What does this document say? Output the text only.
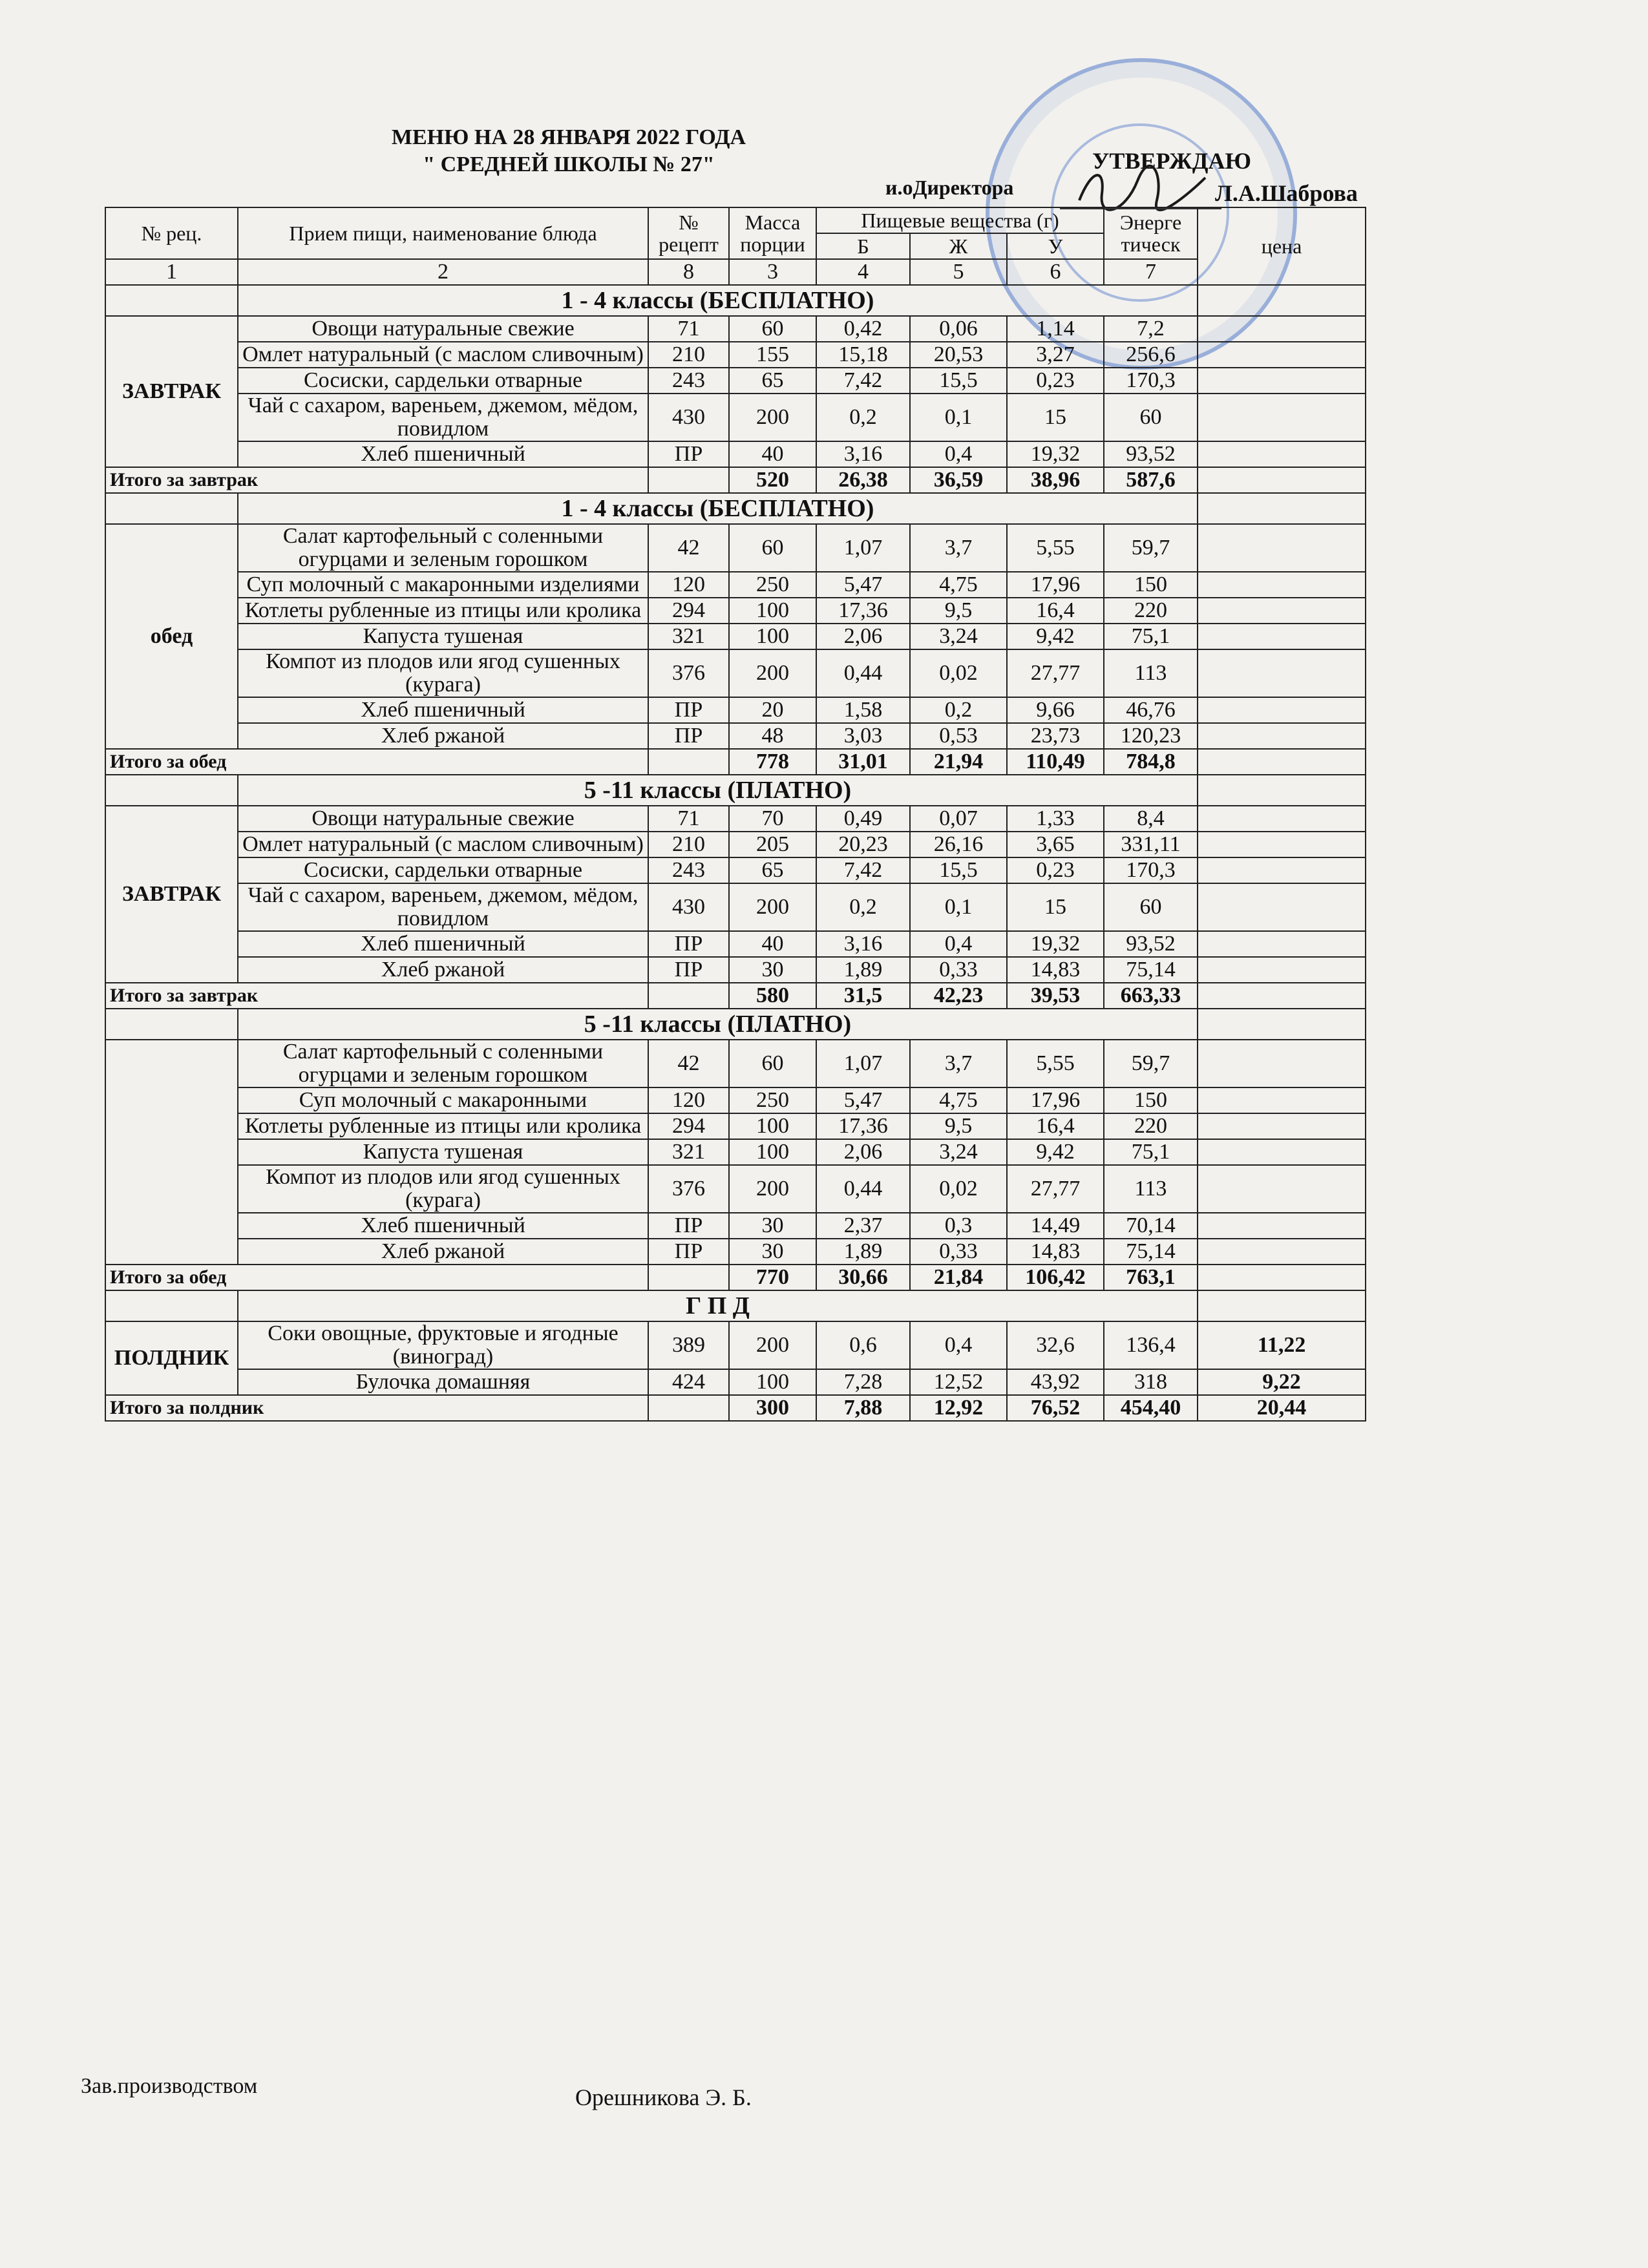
МЕНЮ НА 28 ЯНВАРЯ 2022 ГОДА
" СРЕДНЕЙ ШКОЛЫ № 27"	УТВЕРЖДАЮ
и.оДиректора	Л.А.Шаброва
№ рец.	Прием пищи, наименование блюда	№ рецепт	Масса порции	Пищевые вещества (г)			Энерге тическ	цена
				Б	Ж	У		
1	2	8	3	4	5	6	7	
	1 - 4 классы (БЕСПЛАТНО)							
ЗАВТРАК	Овощи натуральные свежие	71	60	0,42	0,06	1,14	7,2	
	Омлет натуральный (с маслом сливочным)	210	155	15,18	20,53	3,27	256,6	
	Сосиски, сардельки отварные	243	65	7,42	15,5	0,23	170,3	
	Чай с сахаром, вареньем, джемом, мёдом, повидлом	430	200	0,2	0,1	15	60	
	Хлеб пшеничный	ПР	40	3,16	0,4	19,32	93,52	
Итого за завтрак			520	26,38	36,59	38,96	587,6	
	1 - 4 классы (БЕСПЛАТНО)							
обед	Салат картофельный с соленными огурцами и зеленым горошком	42	60	1,07	3,7	5,55	59,7	
	Суп молочный с макаронными изделиями	120	250	5,47	4,75	17,96	150	
	Котлеты рубленные из птицы или кролика	294	100	17,36	9,5	16,4	220	
	Капуста тушеная	321	100	2,06	3,24	9,42	75,1	
	Компот из плодов или ягод сушенных (курага)	376	200	0,44	0,02	27,77	113	
	Хлеб пшеничный	ПР	20	1,58	0,2	9,66	46,76	
	Хлеб ржаной	ПР	48	3,03	0,53	23,73	120,23	
Итого за обед			778	31,01	21,94	110,49	784,8	
	5 -11 классы (ПЛАТНО)							
ЗАВТРАК	Овощи натуральные свежие	71	70	0,49	0,07	1,33	8,4	
	Омлет натуральный (с маслом сливочным)	210	205	20,23	26,16	3,65	331,11	
	Сосиски, сардельки отварные	243	65	7,42	15,5	0,23	170,3	
	Чай с сахаром, вареньем, джемом, мёдом, повидлом	430	200	0,2	0,1	15	60	
	Хлеб пшеничный	ПР	40	3,16	0,4	19,32	93,52	
	Хлеб ржаной	ПР	30	1,89	0,33	14,83	75,14	
Итого за завтрак			580	31,5	42,23	39,53	663,33	
	5 -11 классы (ПЛАТНО)							
	Салат картофельный с соленными огурцами и зеленым горошком	42	60	1,07	3,7	5,55	59,7	
	Суп молочный с макаронными	120	250	5,47	4,75	17,96	150	
	Котлеты рубленные из птицы или кролика	294	100	17,36	9,5	16,4	220	
	Капуста тушеная	321	100	2,06	3,24	9,42	75,1	
	Компот из плодов или ягод сушенных (курага)	376	200	0,44	0,02	27,77	113	
	Хлеб пшеничный	ПР	30	2,37	0,3	14,49	70,14	
	Хлеб ржаной	ПР	30	1,89	0,33	14,83	75,14	
Итого за обед			770	30,66	21,84	106,42	763,1	
	Г П Д							
ПОЛДНИК	Соки овощные, фруктовые и ягодные (виноград)	389	200	0,6	0,4	32,6	136,4	11,22
	Булочка домашняя	424	100	7,28	12,52	43,92	318	9,22
Итого за полдник			300	7,88	12,92	76,52	454,40	20,44
Зав.производством	Орешникова Э. Б.
